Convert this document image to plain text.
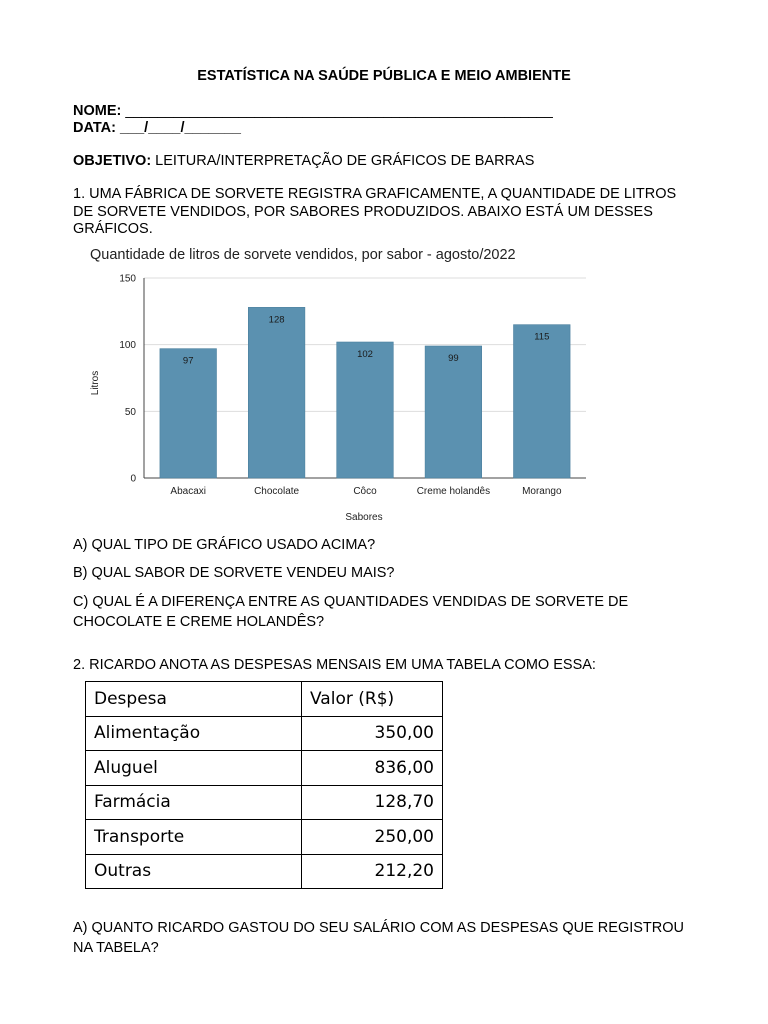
ESTATÍSTICA NA SAÚDE PÚBLICA E MEIO AMBIENTE
NOME: _____________________________________________________
DATA: ___/____/_______
OBJETIVO: LEITURA/INTERPRETAÇÃO DE GRÁFICOS DE BARRAS
1. UMA FÁBRICA DE SORVETE REGISTRA GRAFICAMENTE, A QUANTIDADE DE LITROS DE SORVETE VENDIDOS, POR SABORES PRODUZIDOS. ABAIXO ESTÁ UM DESSES GRÁFICOS.
Quantidade de litros de sorvete vendidos, por sabor - agosto/2022
0
50
100
150
97
Abacaxi
128
Chocolate
102
Côco
99
Creme holandês
115
Morango
Litros
Sabores
A) QUAL TIPO DE GRÁFICO USADO ACIMA?
B) QUAL SABOR DE SORVETE VENDEU MAIS?
C) QUAL É A DIFERENÇA ENTRE AS QUANTIDADES VENDIDAS DE SORVETE DE CHOCOLATE E CREME HOLANDÊS?
2. RICARDO ANOTA AS DESPESAS MENSAIS EM UMA TABELA COMO ESSA:
Despesa	Valor (R$)
Alimentação	350,00
Aluguel	836,00
Farmácia	128,70
Transporte	250,00
Outras	212,20
A) QUANTO RICARDO GASTOU DO SEU SALÁRIO COM AS DESPESAS QUE REGISTROU NA TABELA?
